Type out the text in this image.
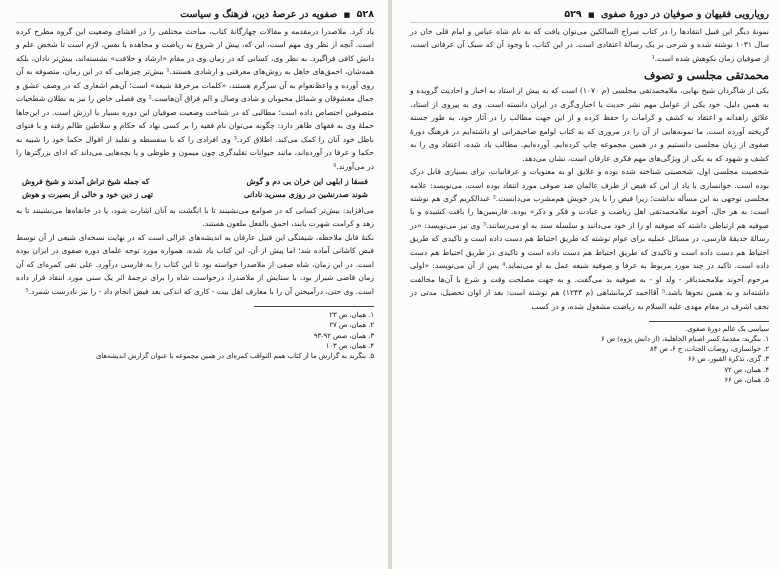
۵۲۸ ■ صفویه در عرصهٔ دین، فرهنگ و سیاست

یاد کرد. ملاصدرا درمقدمه و مقالات چهارگانهٔ کتاب، مباحث مختلفی را در افشای وضعیت این گروه مطرح کرده است. آنچه از نظر وی مهم است، این که، پیش از شروع به ریاضت و مجاهده با نفس، لازم است تا شخص علم و دانش کافی فراگیرد. به نظر وی، کسانی که در زمان وی در مقام «ارشاد و خلافت» نشسته‌اند، بیش‌تر نادان، بلکه همه‌شان، احمق‌های جاهل به روش‌های معرفتی و ارشادی هستند.¹ بیش‌تر چیزهایی که در این زمان، متصوفه به آن روی آورده و واعظ‌نعوام به آن سرگرم هستند، «کلمات مزخرفهٔ شیعه» است؛ آن‌هم اشعاری که در وصف عشق و جمال معشوقان و شمائل محبوبان و شادی وصال و الم فراق آن‌هاست.² وی فصلی خاص را نیز به بطلان شطحیات متصوفین اختصاص داده است؛ مطالبی که در شناخت وضعیت صوفیان این دوره بسیار با ارزش است. در این‌جاها حملهٔ وی به فقهای ظاهر دارد: چگونه می‌توان نام فقیه را بر کسی نهاد که حکام و سلاطین ظالم رفته و با فتوای باطل خود آنان را کمک می‌کند. اطلاق کرد.³ وی افرادی را که با سفسطه و تقلید از اقوال حکما خود را شبیه به حکما و عرفا در آورده‌اند، مانند حیوانات تقلیدگری چون میمون و طوطی و یا بچه‌هایی می‌داند که ادای بزرگترها را در می‌آورند.⁴

فسقا ز ابلهی این خران بی دم و گوش
که جمله شیخ تراش آمدند و شیخ فروش
شوند صدرنشین در روزی مسرید نادانی
تهی ز دین خود و خالی از بصیرت و هوش

می‌افزاید: بیش‌تر کسانی که در صوامع می‌نشینند تا با انگشت به آنان اشارت شود، یا در خانقاه‌ها می‌نشینند تا به زهد و کرامت شهرت یابند، احمق بالفعل ملعون هستند.

نکتهٔ قابل ملاحظه، شیفتگی این قبیل عارفان به اندیشه‌های غزالی است که در نهایت نسخه‌ای شیعی از آن توسط فیض کاشانی آماده شد؛ اما پیش از آن، این کتاب یاد شده، همواره مورد توجه علمای دوره صفوی در ایران بوده است. در این زمان، شاه صفی از ملاصدرا خواسته بود تا این کتاب را به فارسی درآورد. علی نقی کمره‌ای که آن زمان قاضی شیراز بود، با ستایش از ملاصدرا، درخواست شاه را برای ترجمهٔ اثر یک سنی مورد انتقاد قرار داده است. وی حتی، درآمیختن آن را با معارف اهل بیت - کاری که اندکی بعد فیض انجام داد - را نیز نادرست شمرد.⁵

۱. همان، ص ۲۳
۲. همان، ص ۲۷
۳. همان، صص ۹۲-۹۳
۴. همان، ص ۱۰۳
۵. بنگرید به گزارش ما از کتاب همم الثواقب کمره‌ای در همین مجموعه با عنوان گزارش اندیشه‌های
رویارویی فقیهان و صوفیان در دورهٔ صفوی ■ ۵۲۹

نمونهٔ دیگر این قبیل انتقادها را در کتاب سراج السالکین می‌توان یافت که به نام شاه عباس و امام قلی خان در سال ۱۰۳۱ نوشته شده و شرحی بر یک رسالهٔ اعتقادی است. در این کتاب، با وجود آن که سبک آن عرفانی است، از صوفیان زمان نکوهش شده است.¹

محمدتقی مجلسی و تصوف

یکی از شاگردان شیخ بهایی، ملامحمدتقی مجلسی (م ۱۰۷۰) است که به پیش از استاد به اخبار و احادیث گرویده و به همین دلیل، خود یکی از عوامل مهم نشر حدیث یا اخباری‌گری در ایران دانسته است. وی به پیروی از استاد، علائق زاهدانه و اعتقاد به کشف و کرامات را حفظ کرده و از این جهت مطالب را در آثار خود، به طور جسته گریخته آورده است. ما نمونه‌هایی از آن را در مروری که به کتاب لوامع صاحبقرانی او داشته‌ایم در فرهنگ دورهٔ صفوی از زبان مجلسی دانستیم و در همین مجموعه چاپ کرده‌ایم. آورده‌ایم. مطالب یاد شده، اعتقاد وی را به کشف و شهود که به یکی از ویژگی‌های مهم فکری عارفان است، نشان می‌دهد.

شخصیت مجلسی اول، شخصیتی شناخته شده بوده و علایق او به معنویات و عرفانیات، برای بسیاری قابل درک بوده است. خوانساری با یاد از این که فیض از طرف عالمان ضد صوفی مورد انتقاد بوده است، می‌نویسد: علامه مجلسی توجهی به این مسأله نداشت؛ زیرا فیض را با پدر خویش هم‌مشرب می‌دانست.² عبدالکریم گزی هم نوشته است: به هر حال، آخوند ملامحمدتقی اهل ریاضت و عبادت و فکر و ذکر» بوده، فاریمین‌ها را بافت کشیده و با صوفیه هم ارتباطی داشته که صوفیه او را از خود می‌دانند و سلسله سند به او می‌رسانند.³ وی نیز می‌نویسد: «در رسالهٔ حدیقهٔ فارسی، در مسائل عملیه برای عوام نوشته که طریق احتیاط هم دست داده است و تاکیدی که طریق احتیاط هم دست داده است و تاکیدی که طریق احتیاط هم دست داده است و تاکیدی در طریق احتیاط هم دست داده است. تاکید در چند مورد مربوط به عرفا و صوفیه شیعه عمل به او می‌نماید.⁴ پس از آن می‌نویسد: «اولی مرحوم آخوند ملامحمدباقر - ولد او - به صوفیه بد می‌گفت. و به جهت مصلحت وقت و شرع با آن‌ها مخالفت داشته‌اند و به همین نحوها باشد.⁵ آقااحمد کرمانشاهی (م ۱۲۴۳) هم نوشته است: بعد از اوان تحصیل، مدتی در نجف اشرف در مقام مهدی علیه السلام به ریاضت مشغول شده، و در کسب

سیاسی یک عالم دورهٔ صفوی.
۱. بنگرید: مقدمهٔ کسر اصنام الجاهلیة، (از دانش پژوه) ص ۶
۲. خوانساری، روضات الجنات، ج ۶، ص ۸۴
۳. گزی، تذکرة القبور، ص ۶۶
۴. همان، ص ۷۲
۵. همان، ص ۶۶
